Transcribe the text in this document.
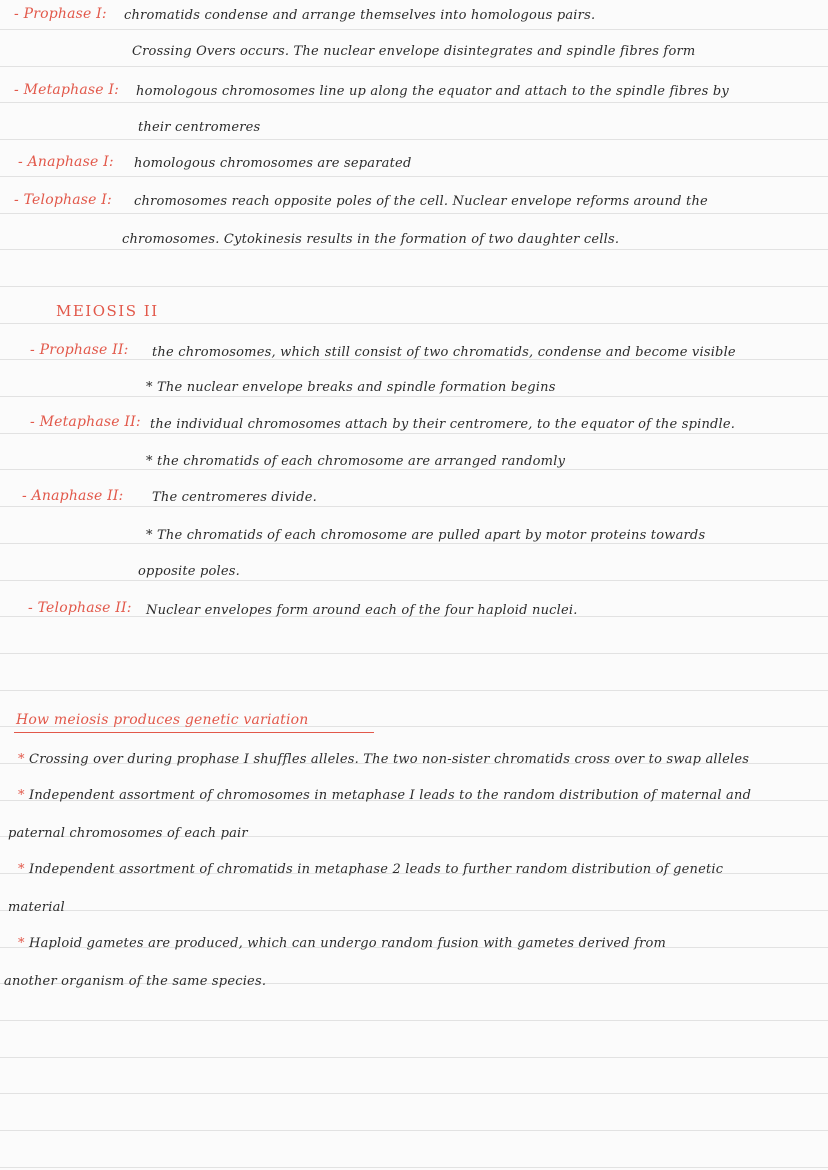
- Prophase I: chromatids condense and arrange themselves into homologous pairs.
Crossing Overs occurs. The nuclear envelope disintegrates and spindle fibres form
- Metaphase I: homologous chromosomes line up along the equator and attach to the spindle fibres by
their centromeres
- Anaphase I: homologous chromosomes are separated
- Telophase I: chromosomes reach opposite poles of the cell. Nuclear envelope reforms around the
chromosomes. Cytokinesis results in the formation of two daughter cells.
MEIOSIS II
- Prophase II: the chromosomes, which still consist of two chromatids, condense and become visible
* The nuclear envelope breaks and spindle formation begins
- Metaphase II: the individual chromosomes attach by their centromere, to the equator of the spindle.
* the chromatids of each chromosome are arranged randomly
- Anaphase II: The centromeres divide.
* The chromatids of each chromosome are pulled apart by motor proteins towards
opposite poles.
- Telophase II: Nuclear envelopes form around each of the four haploid nuclei.
How meiosis produces genetic variation
* Crossing over during prophase I shuffles alleles. The two non-sister chromatids cross over to swap alleles
* Independent assortment of chromosomes in metaphase I leads to the random distribution of maternal and
paternal chromosomes of each pair
* Independent assortment of chromatids in metaphase 2 leads to further random distribution of genetic
material
* Haploid gametes are produced, which can undergo random fusion with gametes derived from
another organism of the same species.
